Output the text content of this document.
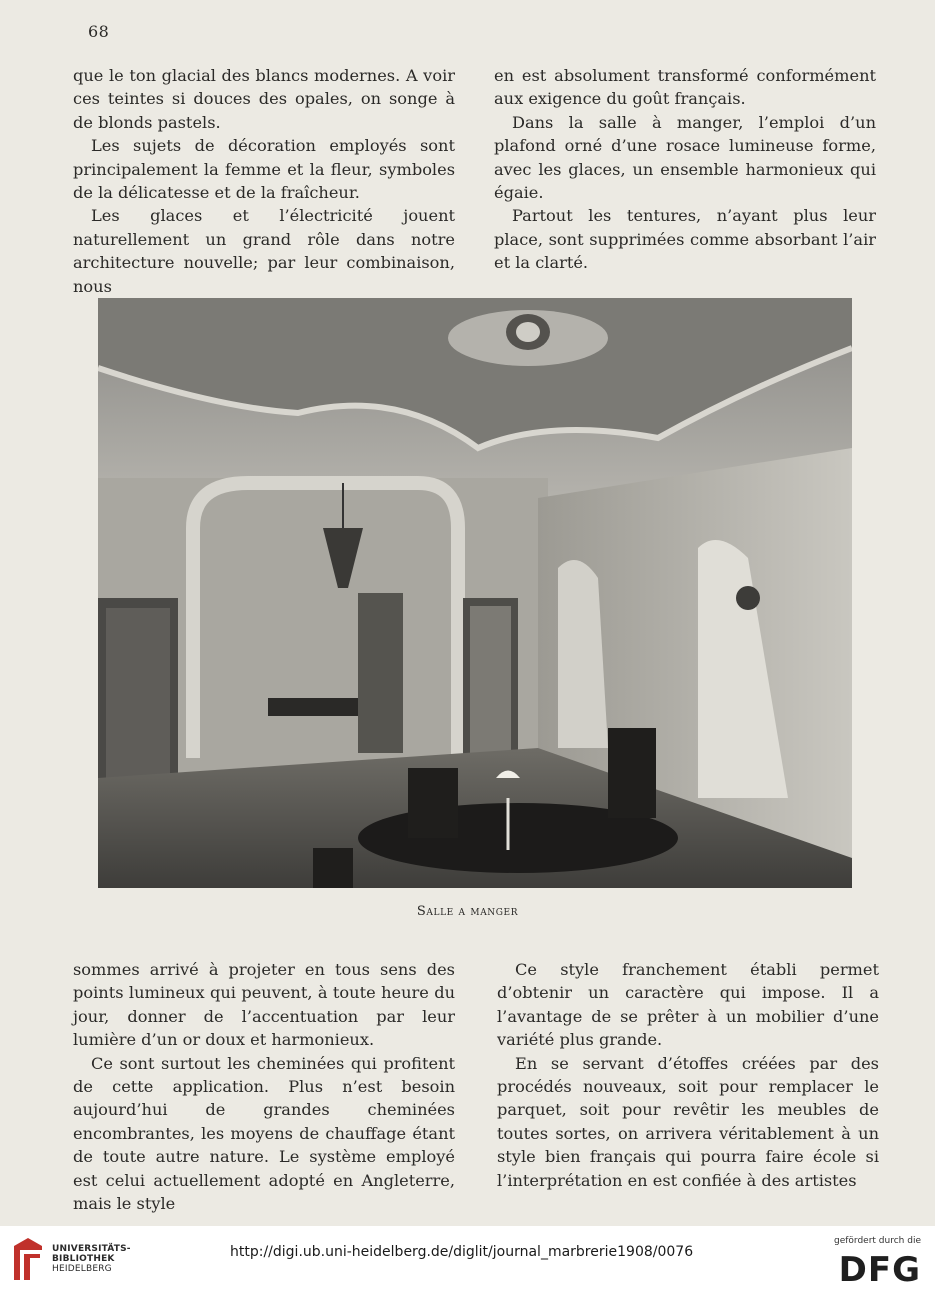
68

que le ton glacial des blancs modernes. A voir ces teintes si douces des opales, on songe à de blonds pastels.

Les sujets de décoration employés sont principalement la femme et la fleur, symboles de la délicatesse et de la fraîcheur.

Les glaces et l’électricité jouent naturellement un grand rôle dans notre architecture nouvelle; par leur combinaison, nous

en est absolument transformé conformément aux exigence du goût français.

Dans la salle à manger, l’emploi d’un plafond orné d’une rosace lumineuse forme, avec les glaces, un ensemble harmonieux qui égaie.

Partout les tentures, n’ayant plus leur place, sont supprimées comme absorbant l’air et la clarté.

Salle a manger

sommes arrivé à projeter en tous sens des points lumineux qui peuvent, à toute heure du jour, donner de l’accentuation par leur lumière d’un or doux et harmonieux.

Ce sont surtout les cheminées qui profitent de cette application. Plus n’est besoin aujourd’hui de grandes cheminées encombrantes, les moyens de chauffage étant de toute autre nature. Le système employé est celui actuellement adopté en Angleterre, mais le style

Ce style franchement établi permet d’obtenir un caractère qui impose. Il a l’avantage de se prêter à un mobilier d’une variété plus grande.

En se servant d’étoffes créées par des procédés nouveaux, soit pour remplacer le parquet, soit pour revêtir les meubles de toutes sortes, on arrivera véritablement à un style bien français qui pourra faire école si l’interprétation en est confiée à des artistes

UNIVERSITÄTS-
BIBLIOTHEK
HEIDELBERG
http://digi.ub.uni-heidelberg.de/diglit/journal_marbrerie1908/0076
gefördert durch die
DFG
